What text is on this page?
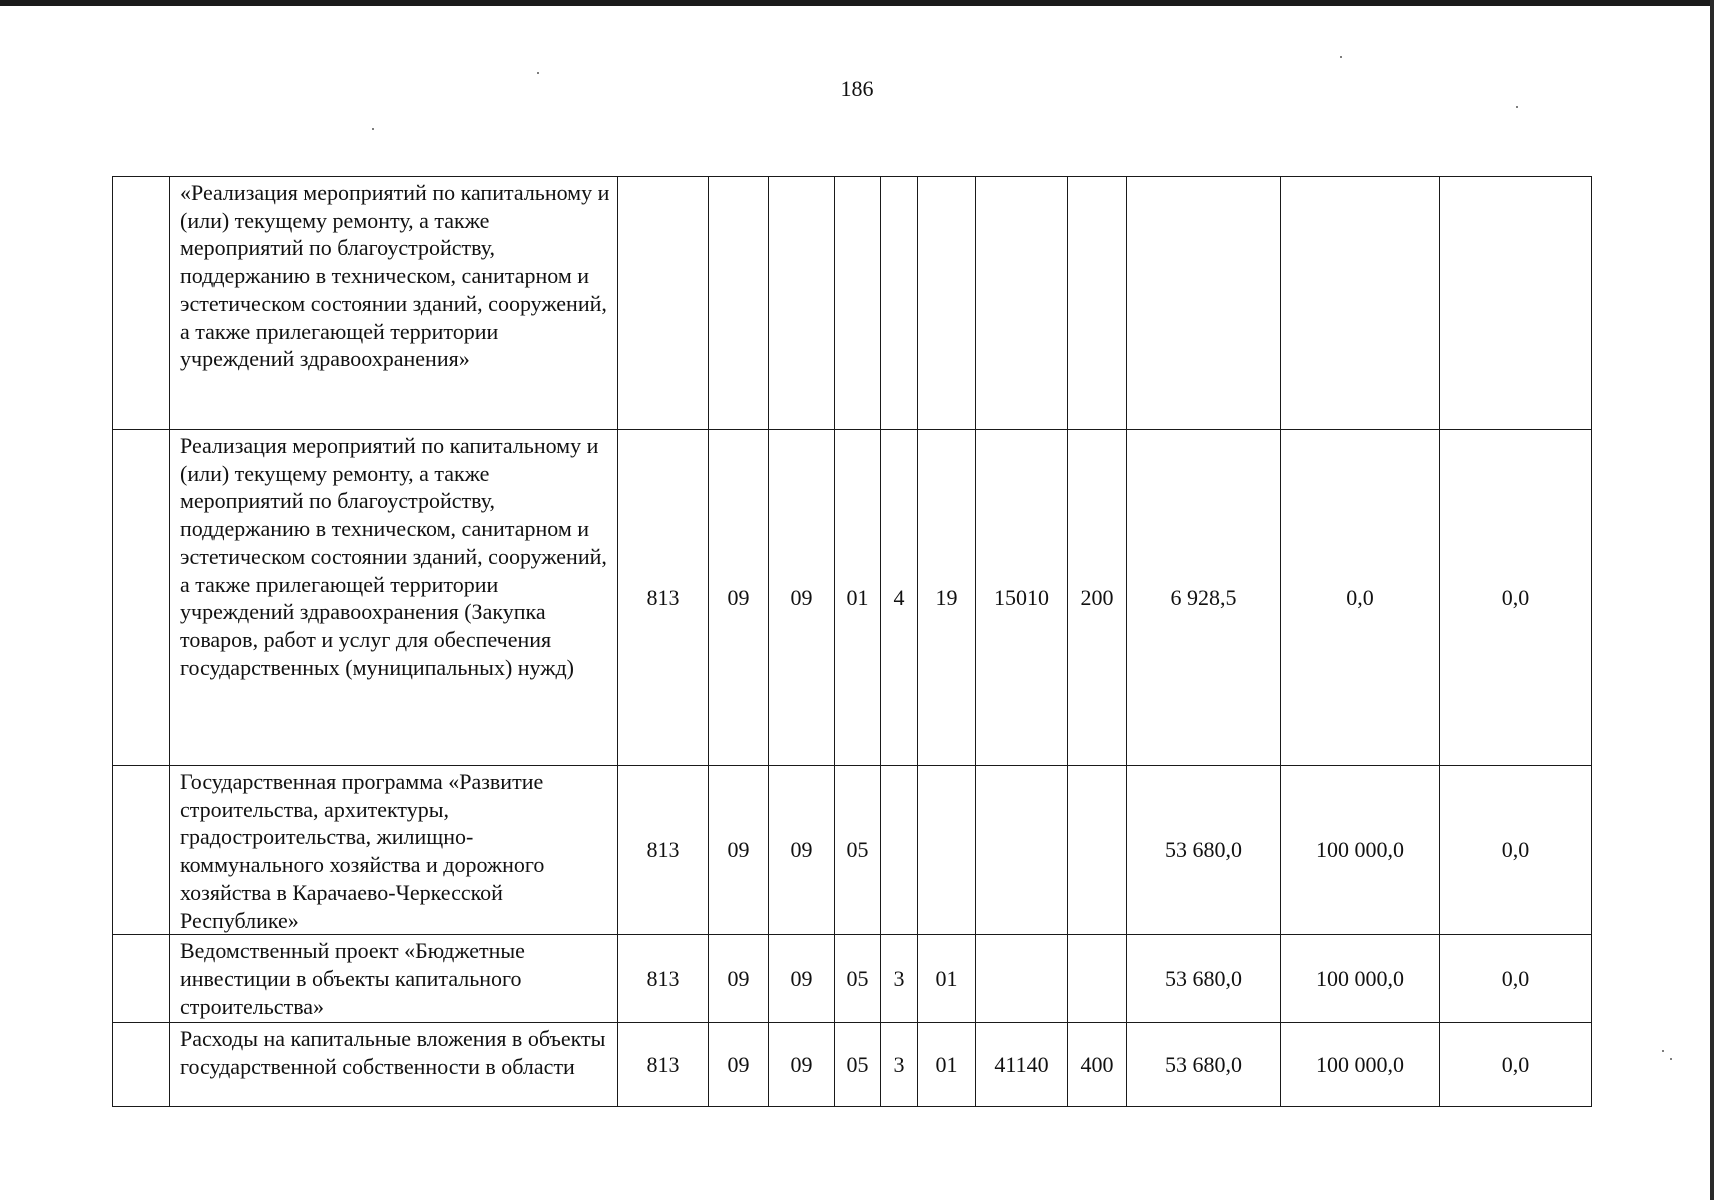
186
	«Реализация мероприятий по капитальному и (или) текущему ремонту, а также мероприятий по благоустройству, поддержанию в техническом, санитарном и эстетическом состоянии зданий, сооружений, а также прилегающей территории учреждений здравоохранения»											
	Реализация мероприятий по капитальному и (или) текущему ремонту, а также мероприятий по благоустройству, поддержанию в техническом, санитарном и эстетическом состоянии зданий, сооружений, а также прилегающей территории учреждений здравоохранения (Закупка товаров, работ и услуг для обеспечения государственных (муниципальных) нужд)	813	09	09	01	4	19	15010	200	6 928,5	0,0	0,0
	Государственная программа «Развитие строительства, архитектуры, градостроительства, жилищно-коммунального хозяйства и дорожного хозяйства в Карачаево-Черкесской Республике»	813	09	09	05					53 680,0	100 000,0	0,0
	Ведомственный проект «Бюджетные инвестиции в объекты капитального строительства»	813	09	09	05	3	01			53 680,0	100 000,0	0,0
	Расходы на капитальные вложения в объекты государственной собственности в области	813	09	09	05	3	01	41140	400	53 680,0	100 000,0	0,0
